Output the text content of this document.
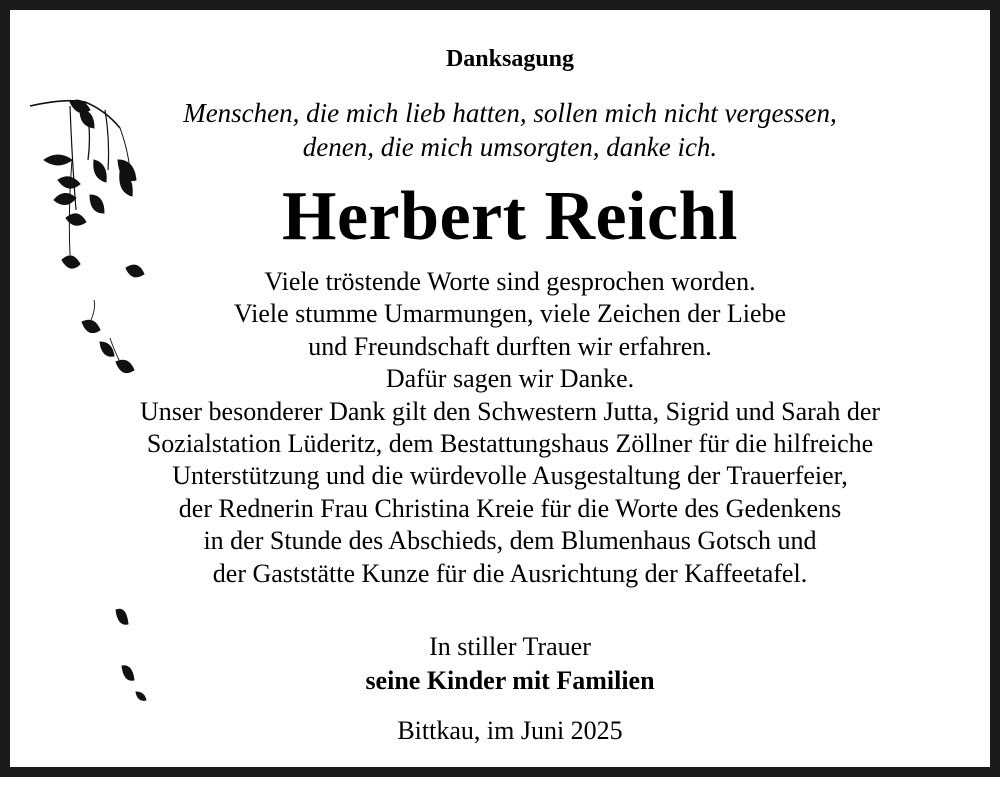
Danksagung
Menschen, die mich lieb hatten, sollen mich nicht vergessen,
denen, die mich umsorgten, danke ich.
Herbert Reichl
Viele tröstende Worte sind gesprochen worden.
Viele stumme Umarmungen, viele Zeichen der Liebe
und Freundschaft durften wir erfahren.
Dafür sagen wir Danke.
Unser besonderer Dank gilt den Schwestern Jutta, Sigrid und Sarah der
Sozialstation Lüderitz, dem Bestattungshaus Zöllner für die hilfreiche
Unterstützung und die würdevolle Ausgestaltung der Trauerfeier,
der Rednerin Frau Christina Kreie für die Worte des Gedenkens
in der Stunde des Abschieds, dem Blumenhaus Gotsch und
der Gaststätte Kunze für die Ausrichtung der Kaffeetafel.
In stiller Trauer
seine Kinder mit Familien
Bittkau, im Juni 2025
